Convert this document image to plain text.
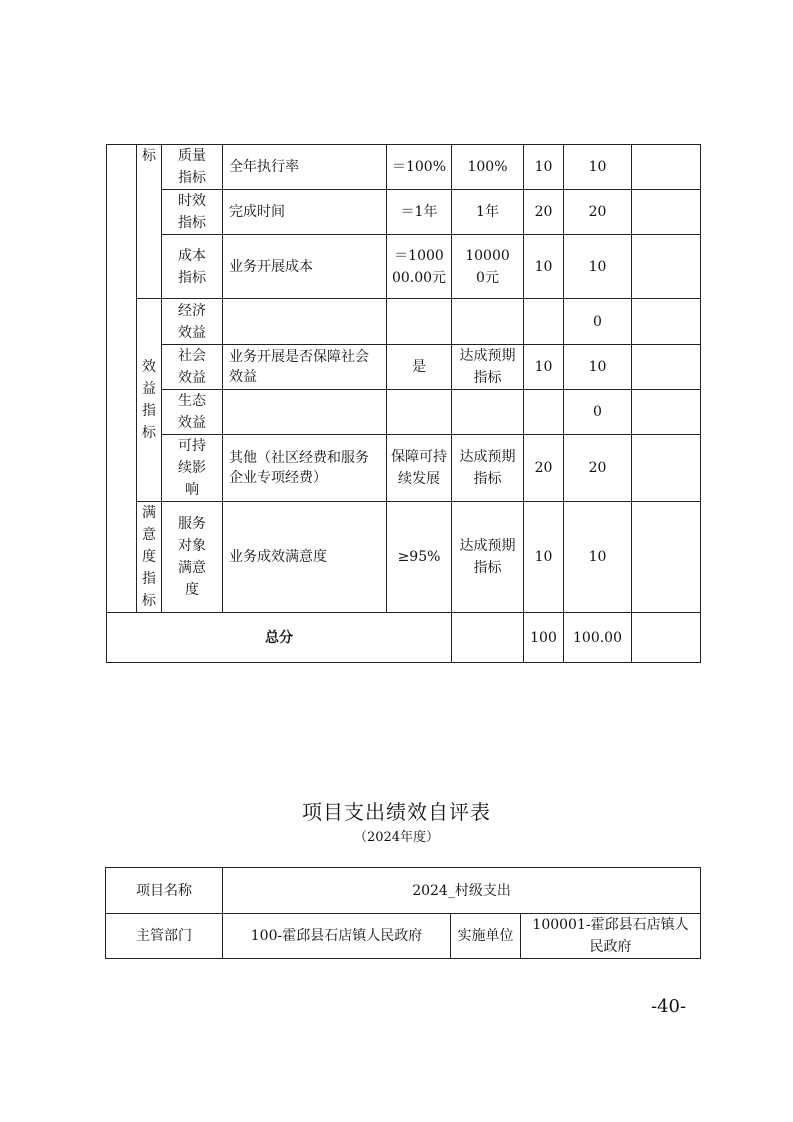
	标	质量指标	全年执行率	＝100%	100%	10	10	

		时效指标	完成时间	＝1年	1年	20	20	

		成本指标	业务开展成本	＝100000.00元	100000元	10	10	

	效益指标	经济效益					0	

		社会效益	业务开展是否保障社会效益	是	达成预期指标	10	10	

		生态效益					0	

		可持续影响	其他（社区经费和服务企业专项经费）	保障可持续发展	达成预期指标	20	20	

	满意度指标	服务对象满意度	业务成效满意度	≥95%	达成预期指标	10	10	
总分						100	100.00	
项目支出绩效自评表
（2024年度）
项目名称	2024_村级支出		
主管部门	100-霍邱县石店镇人民政府	实施单位	100001-霍邱县石店镇人民政府
-40-
